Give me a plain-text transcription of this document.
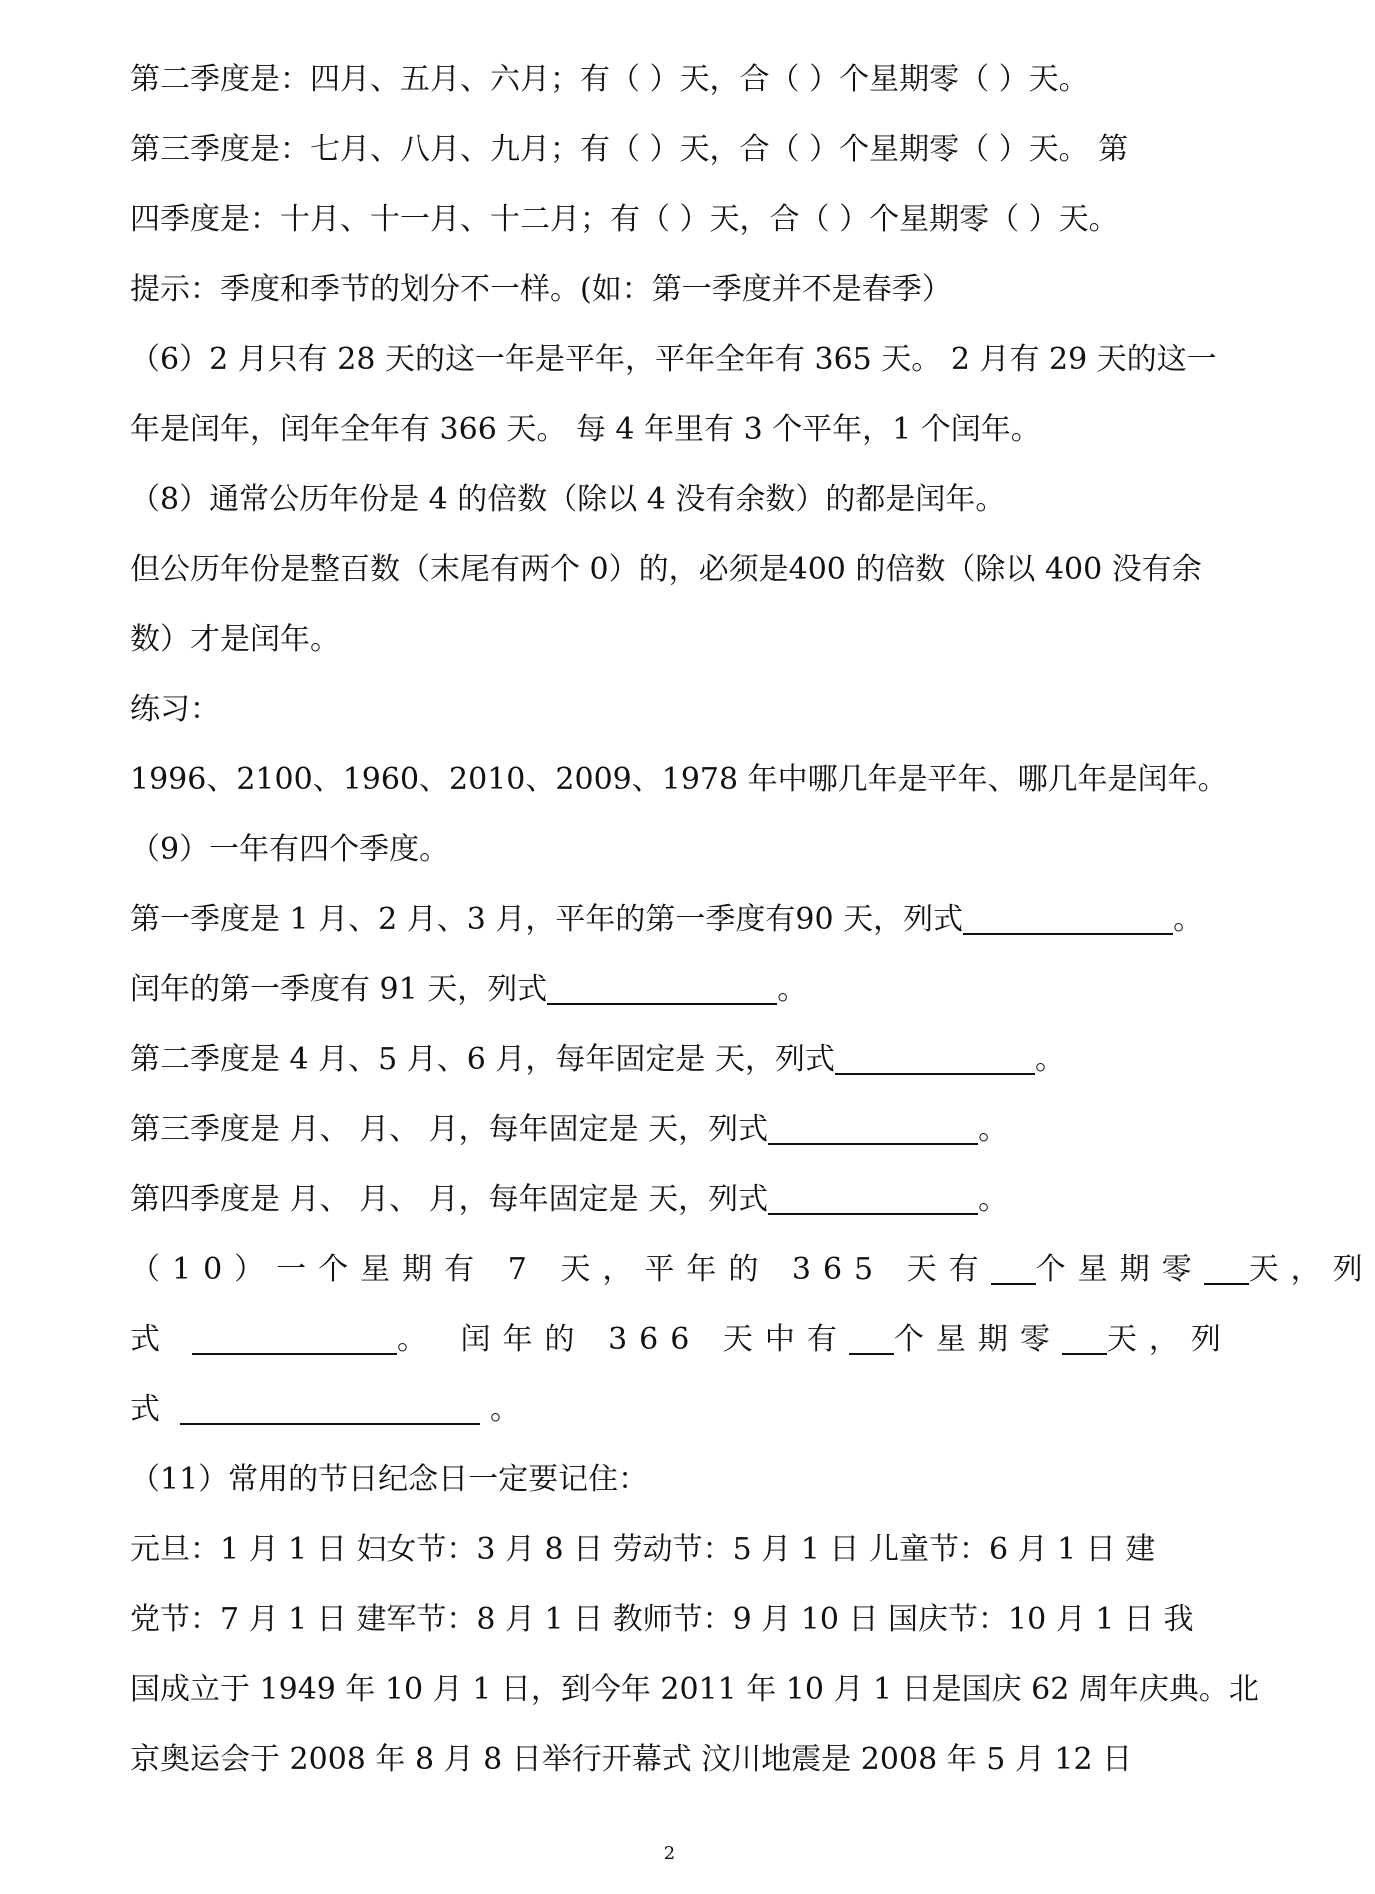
第二季度是：四月、五月、六月；有（ ）天，合（ ）个星期零（ ）天。
第三季度是：七月、八月、九月；有（ ）天，合（ ）个星期零（ ）天。 第
四季度是：十月、十一月、十二月；有（ ）天，合（ ）个星期零（ ）天。
提示：季度和季节的划分不一样。(如：第一季度并不是春季）
（6）2 月只有 28 天的这一年是平年，平年全年有 365 天。 2 月有 29 天的这一
年是闰年，闰年全年有 366 天。 每 4 年里有 3 个平年，1 个闰年。
（8）通常公历年份是 4 的倍数（除以 4 没有余数）的都是闰年。
但公历年份是整百数（末尾有两个 0）的，必须是400 的倍数（除以 400 没有余
数）才是闰年。
练习：
1996、2100、1960、2010、2009、1978 年中哪几年是平年、哪几年是闰年。
（9）一年有四个季度。
第一季度是 1 月、2 月、3 月，平年的第一季度有90 天，列式	。
闰年的第一季度有 91 天，列式	。
第二季度是 4 月、5 月、6 月，每年固定是 天，列式	。
第三季度是 月、 月、 月，每年固定是 天，列式	。
第四季度是 月、 月、 月，每年固定是 天，列式	。
（10）一个星期有 7 天，平年的 365 天有 个星期零 天，列
式	。 闰年的 366 天中有 个星期零 天，列
式	。
（11）常用的节日纪念日一定要记住：
元旦：1 月 1 日 妇女节：3 月 8 日 劳动节：5 月 1 日 儿童节：6 月 1 日 建
党节：7 月 1 日 建军节：8 月 1 日 教师节：9 月 10 日 国庆节：10 月 1 日 我
国成立于 1949 年 10 月 1 日，到今年 2011 年 10 月 1 日是国庆 62 周年庆典。北
京奥运会于 2008 年 8 月 8 日举行开幕式 汶川地震是 2008 年 5 月 12 日
2
